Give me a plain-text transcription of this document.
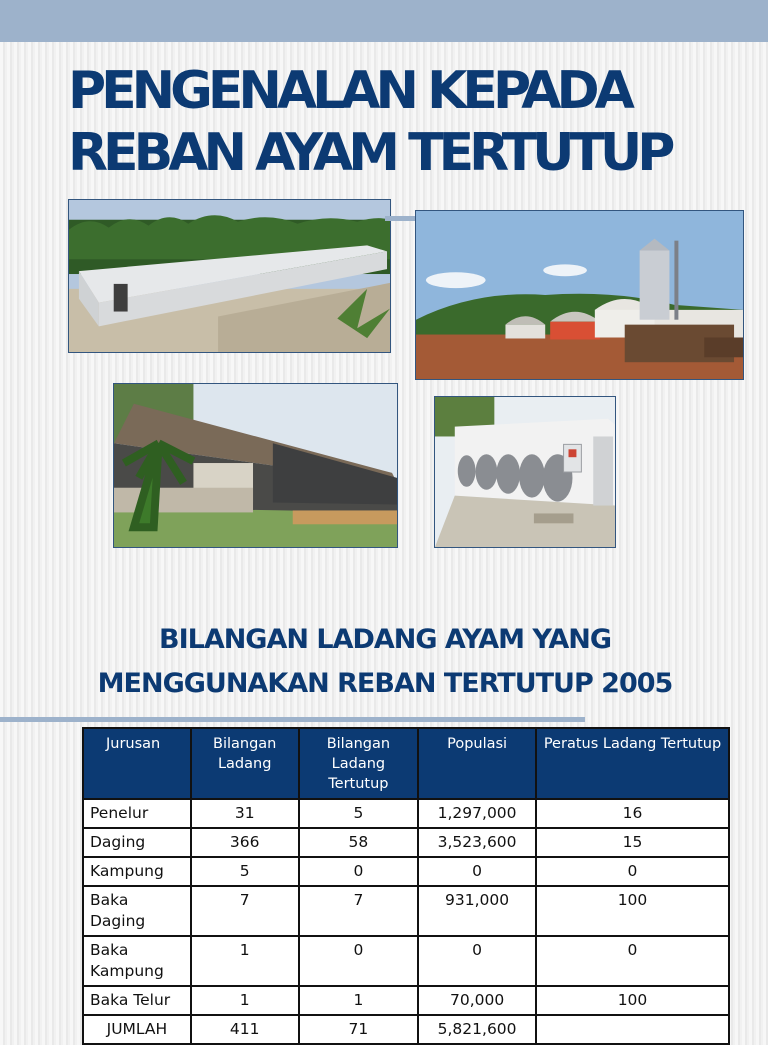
PENGENALAN KEPADA
REBAN AYAM TERTUTUP
BILANGAN LADANG AYAM YANG
MENGGUNAKAN REBAN TERTUTUP 2005
Jurusan	Bilangan Ladang	Bilangan Ladang Tertutup	Populasi	Peratus Ladang Tertutup
Penelur	31	5	1,297,000	16
Daging	366	58	3,523,600	15
Kampung	5	0	0	0
Baka
Daging	7	7	931,000	100
Baka
Kampung	1	0	0	0
Baka Telur	1	1	70,000	100
JUMLAH	411	71	5,821,600	
